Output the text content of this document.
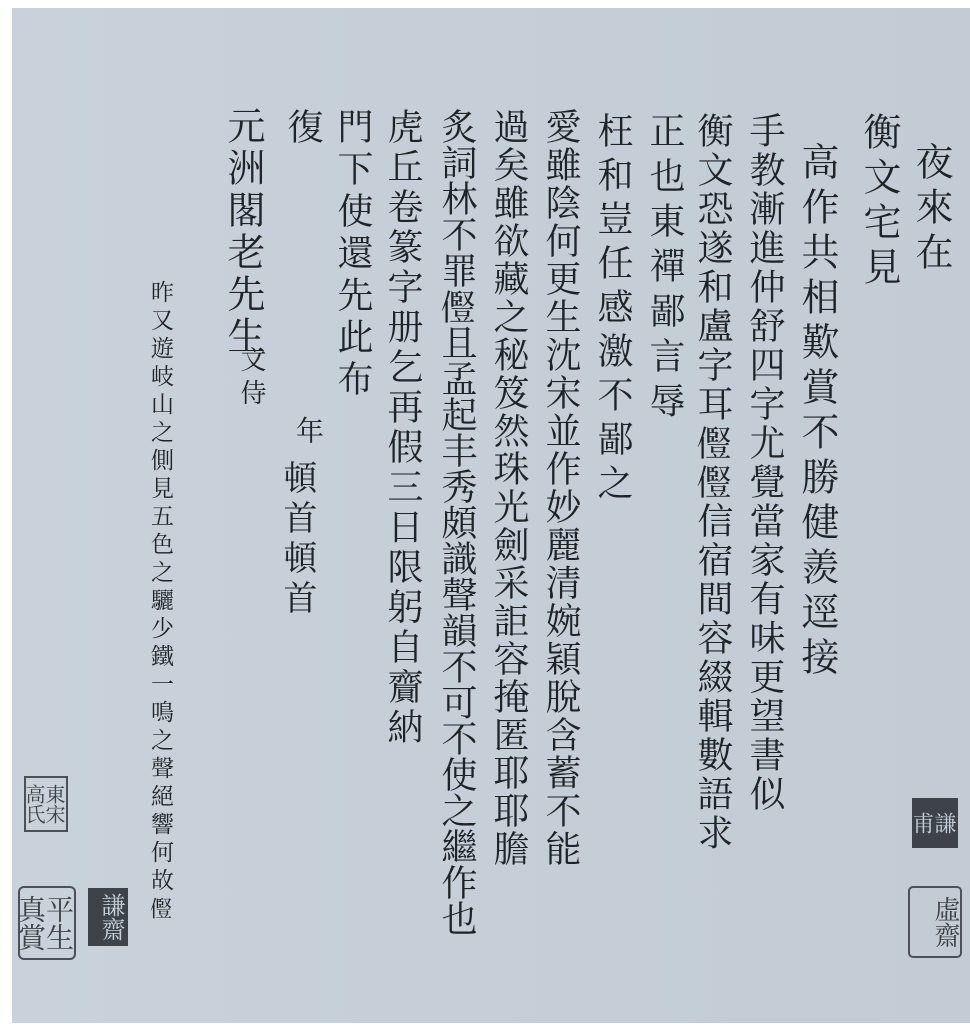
夜來在
衡文宅見
高作共相歎賞不勝健羨逕接
手教漸進仲舒四字尤覺當家有味更望書似
衡文恐遂和盧字耳𠐊𠐊信宿間容綴輯數語求
正也東禪鄙言辱
枉和豈任感激不鄙之
愛雖陰何更生沈宋並作妙麗清婉穎脫含蓄不能
過矣雖欲藏之秘笈然珠光劍采詎容掩匿耶耶膽
炙詞林不罪𠐊且孟起丰秀頗識聲韻不可不使之繼作也
虎丘卷篆字册乞再假三日限躬自齎納
門下使還先此布
復
年
頓首頓首
元洲閣老先生
文侍
昨又遊岐山之側見五色之驪少鐵一鳴之聲絕響何故𠐊
東宋高氏
平生真賞	謙齋
謙甫
虛齋
